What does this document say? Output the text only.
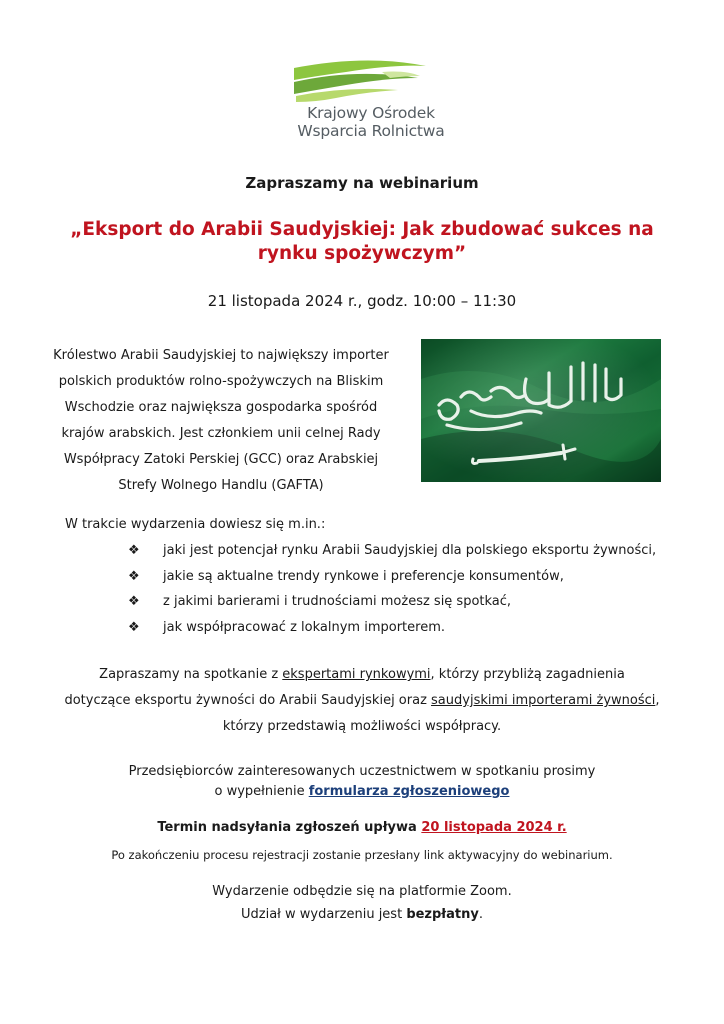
Krajowy Ośrodek
Wsparcia Rolnictwa
Zapraszamy na webinarium
„Eksport do Arabii Saudyjskiej: Jak zbudować sukces na
rynku spożywczym”
21 listopada 2024 r., godz. 10:00 – 11:30
Królestwo Arabii Saudyjskiej to największy importer
polskich produktów rolno-spożywczych na Bliskim
Wschodzie oraz największa gospodarka spośród
krajów arabskich. Jest członkiem unii celnej Rady
Współpracy Zatoki Perskiej (GCC) oraz Arabskiej
Strefy Wolnego Handlu (GAFTA)
W trakcie wydarzenia dowiesz się m.in.:
❖	jaki jest potencjał rynku Arabii Saudyjskiej dla polskiego eksportu żywności,
❖	jakie są aktualne trendy rynkowe i preferencje konsumentów,
❖	z jakimi barierami i trudnościami możesz się spotkać,
❖	jak współpracować z lokalnym importerem.
Zapraszamy na spotkanie z ekspertami rynkowymi, którzy przybliżą zagadnienia
dotyczące eksportu żywności do Arabii Saudyjskiej oraz saudyjskimi importerami żywności,
którzy przedstawią możliwości współpracy.
Przedsiębiorców zainteresowanych uczestnictwem w spotkaniu prosimy
o wypełnienie formularza zgłoszeniowego
Termin nadsyłania zgłoszeń upływa 20 listopada 2024 r.
Po zakończeniu procesu rejestracji zostanie przesłany link aktywacyjny do webinarium.
Wydarzenie odbędzie się na platformie Zoom.
Udział w wydarzeniu jest bezpłatny.
